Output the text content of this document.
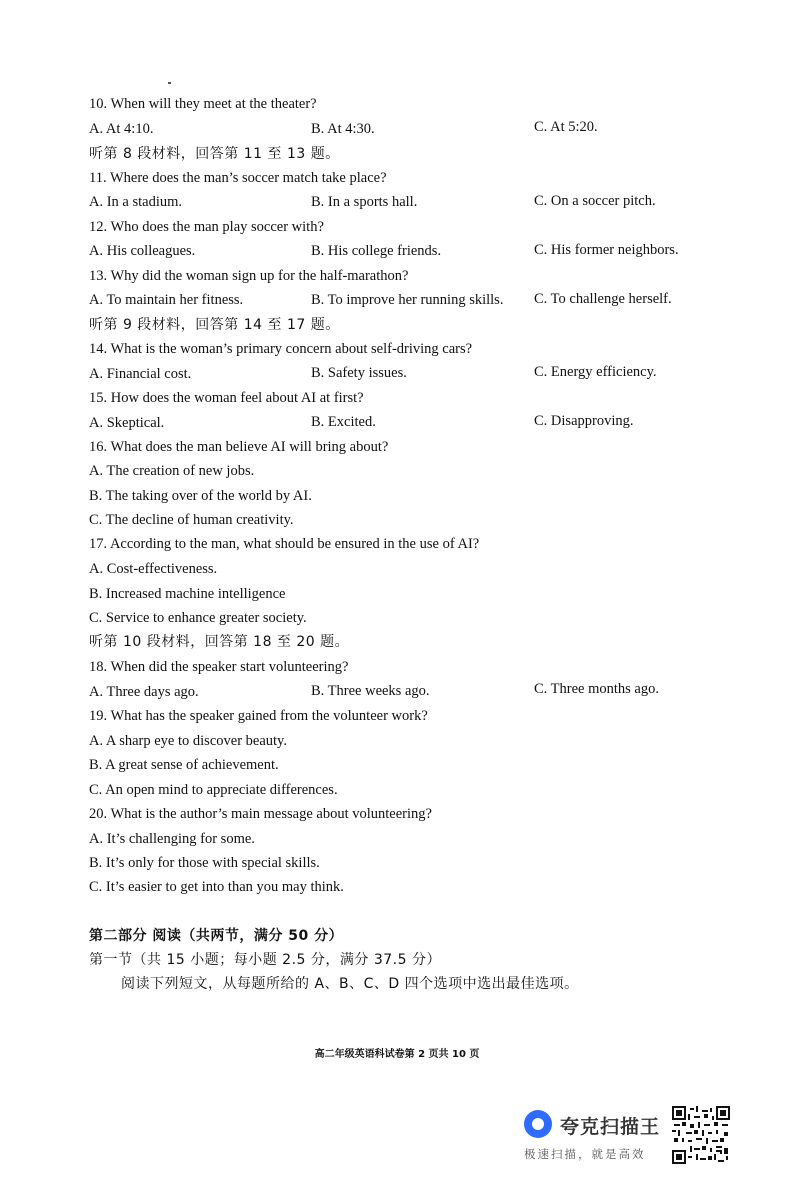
10. When will they meet at the theater?
A. At 4:10.	B. At 4:30.	C. At 5:20.
听第 8 段材料，回答第 11 至 13 题。
11. Where does the man’s soccer match take place?
A. In a stadium.	B. In a sports hall.	C. On a soccer pitch.
12. Who does the man play soccer with?
A. His colleagues.	B. His college friends.	C. His former neighbors.
13. Why did the woman sign up for the half-marathon?
A. To maintain her fitness.	B. To improve her running skills. C. To challenge herself.
听第 9 段材料，回答第 14 至 17 题。
14. What is the woman’s primary concern about self-driving cars?
A. Financial cost.	B. Safety issues.	C. Energy efficiency.
15. How does the woman feel about AI at first?
A. Skeptical.	B. Excited.	C. Disapproving.
16. What does the man believe AI will bring about?
A. The creation of new jobs.
B. The taking over of the world by AI.
C. The decline of human creativity.
17. According to the man, what should be ensured in the use of AI?
A. Cost-effectiveness.
B. Increased machine intelligence
C. Service to enhance greater society.
听第 10 段材料，回答第 18 至 20 题。
18. When did the speaker start volunteering?
A. Three days ago.	B. Three weeks ago.	C. Three months ago.
19. What has the speaker gained from the volunteer work?
A. A sharp eye to discover beauty.
B. A great sense of achievement.
C. An open mind to appreciate differences.
20. What is the author’s main message about volunteering?
A. It’s challenging for some.
B. It’s only for those with special skills.
C. It’s easier to get into than you may think.
第二部分 阅读（共两节，满分 50 分）
第一节（共 15 小题；每小题 2.5 分，满分 37.5 分）
阅读下列短文，从每题所给的 A、B、C、D 四个选项中选出最佳选项。
高二年级英语科试卷第 2 页共 10 页
夸克扫描王
极速扫描，就是高效
